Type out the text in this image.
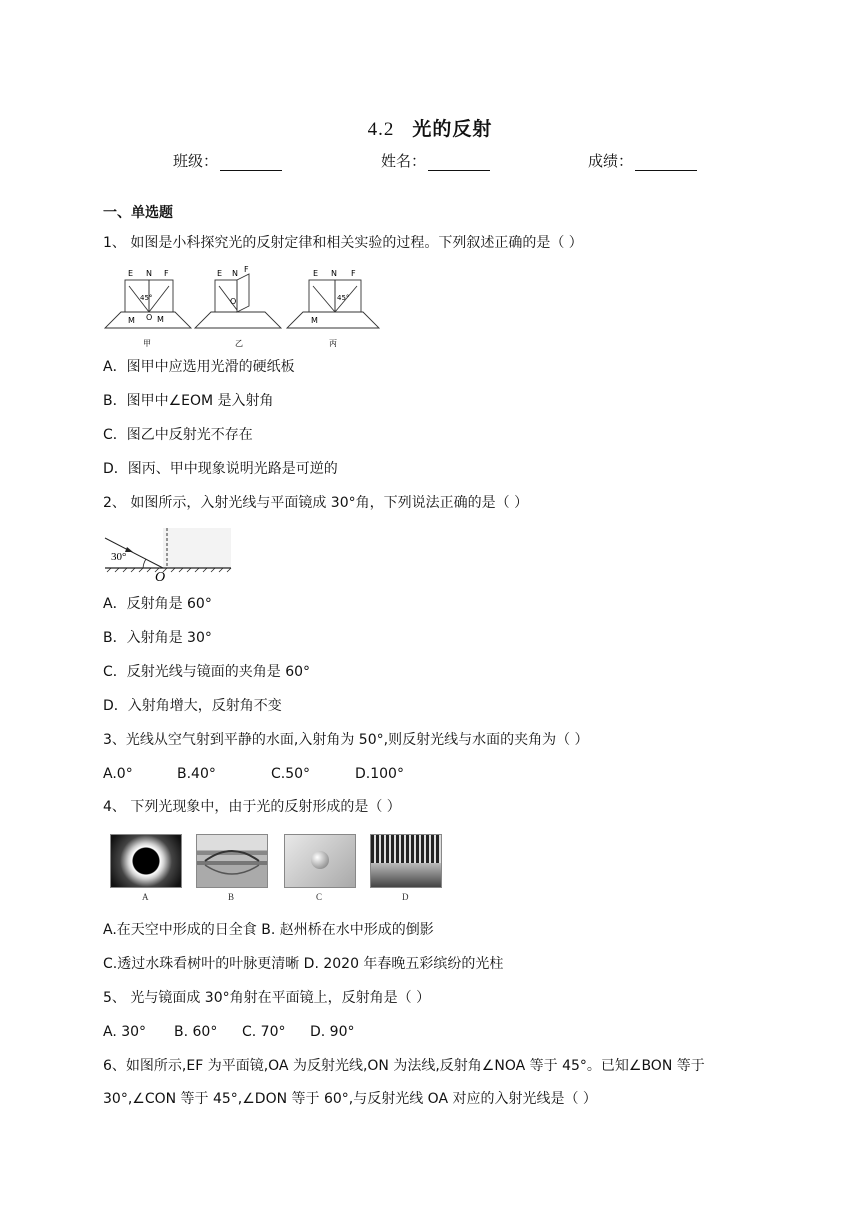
4.2 光的反射
班级：	姓名：	成绩：
一、单选题
1、 如图是小科探究光的反射定律和相关实验的过程。下列叙述正确的是（ ）
E N F
45°
M O M
甲
E N F
O
乙
E N F
45°
M
丙
A．图甲中应选用光滑的硬纸板
B．图甲中∠EOM 是入射角
C．图乙中反射光不存在
D．图丙、甲中现象说明光路是可逆的
2、 如图所示，入射光线与平面镜成 30°角，下列说法正确的是（ ）
30°
O
A．反射角是 60°
B．入射角是 30°
C．反射光线与镜面的夹角是 60°
D．入射角增大，反射角不变
3、光线从空气射到平静的水面,入射角为 50°,则反射光线与水面的夹角为（ ）
A.0°	B.40°	C.50°	D.100°
4、 下列光现象中，由于光的反射形成的是（ ）
A	B	C	D
A.在天空中形成的日全食 B. 赵州桥在水中形成的倒影
C.透过水珠看树叶的叶脉更清晰 D. 2020 年春晚五彩缤纷的光柱
5、 光与镜面成 30°角射在平面镜上，反射角是（ ）
A. 30° B. 60° C. 70° D. 90°
6、如图所示,EF 为平面镜,OA 为反射光线,ON 为法线,反射角∠NOA 等于 45°。已知∠BON 等于
30°,∠CON 等于 45°,∠DON 等于 60°,与反射光线 OA 对应的入射光线是（ ）
